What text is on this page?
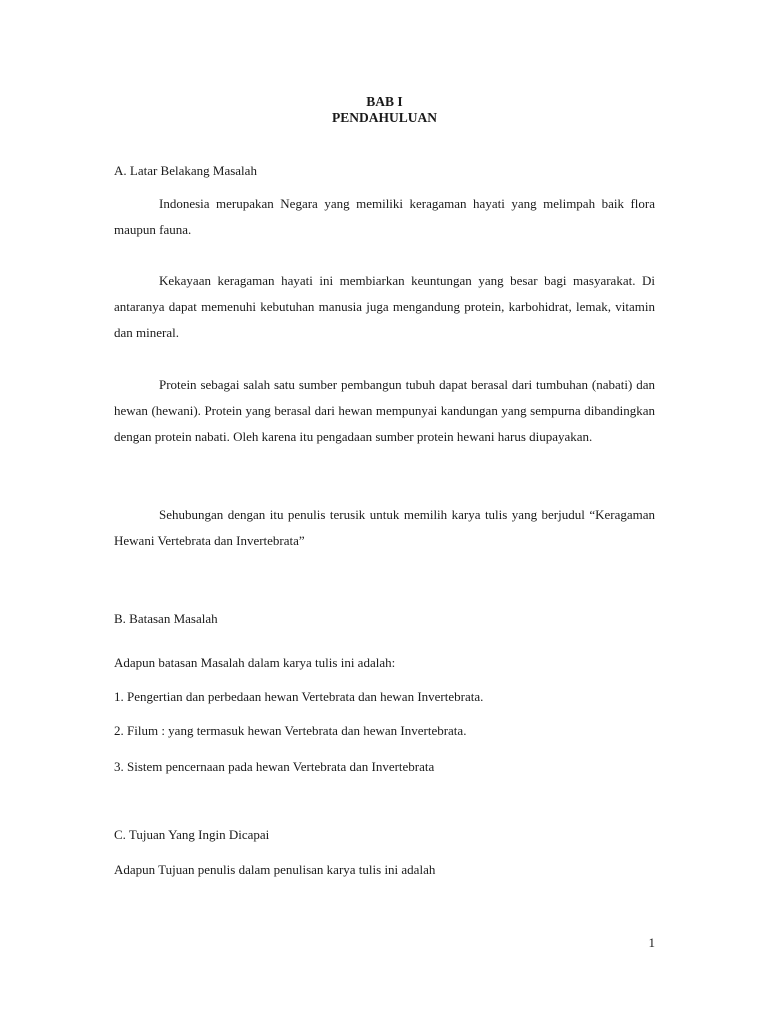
BAB I

PENDAHULUAN

A. Latar Belakang Masalah

Indonesia merupakan Negara yang memiliki keragaman hayati yang melimpah baik flora maupun fauna.

Kekayaan keragaman hayati ini membiarkan keuntungan yang besar bagi masyarakat. Di antaranya dapat memenuhi kebutuhan manusia juga mengandung protein, karbohidrat, lemak, vitamin dan mineral.

Protein sebagai salah satu sumber pembangun tubuh dapat berasal dari tumbuhan (nabati) dan hewan (hewani). Protein yang berasal dari hewan mempunyai kandungan yang sempurna dibandingkan dengan protein nabati. Oleh karena itu pengadaan sumber protein hewani harus diupayakan.

Sehubungan dengan itu penulis terusik untuk memilih karya tulis yang berjudul “Keragaman Hewani Vertebrata dan Invertebrata”

B. Batasan Masalah

Adapun batasan Masalah dalam karya tulis ini adalah:

1. Pengertian dan perbedaan hewan Vertebrata dan hewan Invertebrata.

2. Filum : yang termasuk hewan Vertebrata dan hewan Invertebrata.

3. Sistem pencernaan pada hewan Vertebrata dan Invertebrata

C. Tujuan Yang Ingin Dicapai

Adapun Tujuan penulis dalam penulisan karya tulis ini adalah

1
